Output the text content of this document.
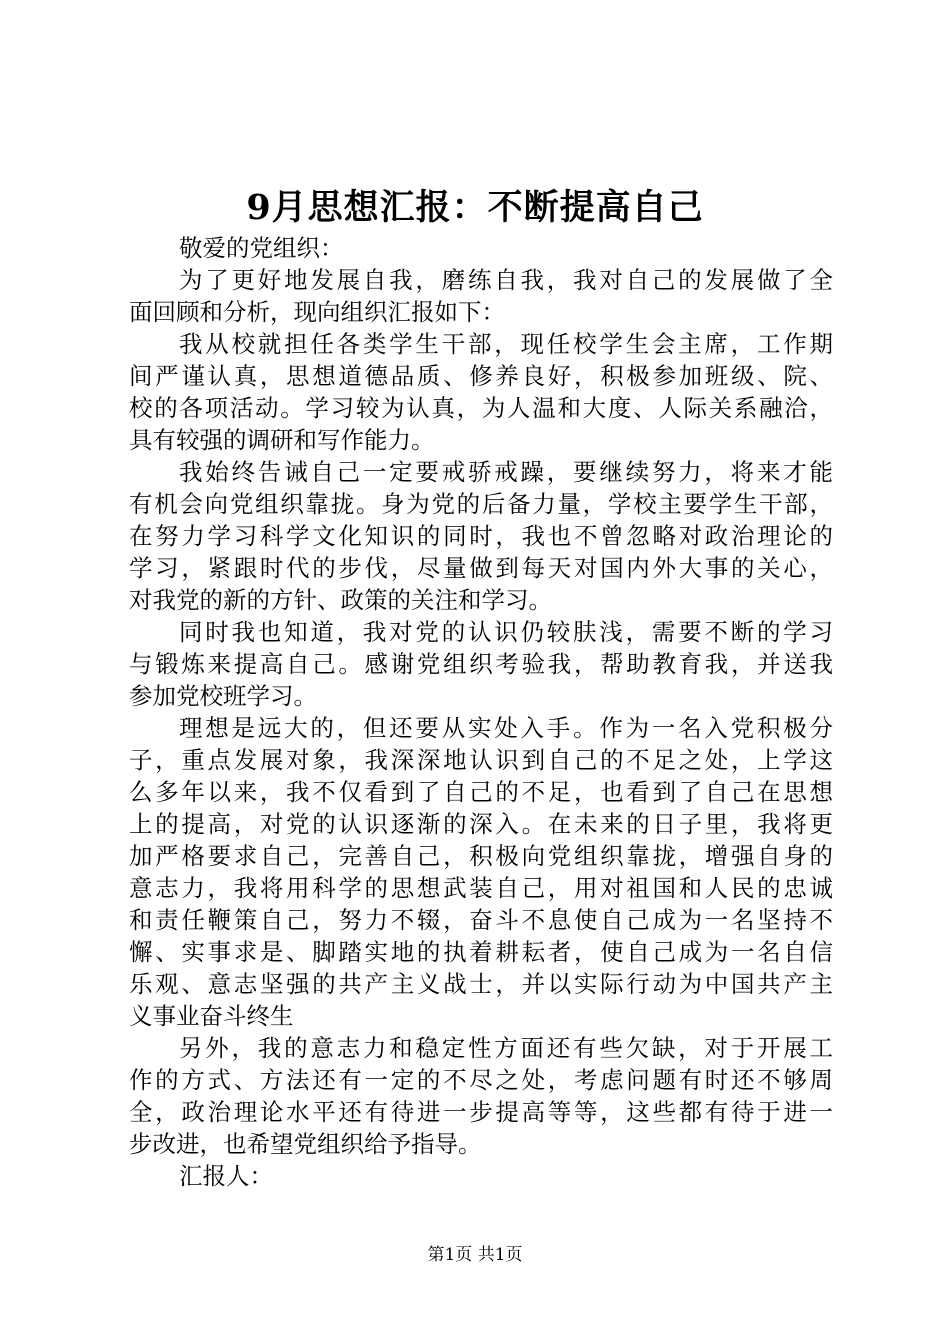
9月思想汇报：不断提高自己
敬爱的党组织：
为了更好地发展自我，磨练自我，我对自己的发展做了全
面回顾和分析，现向组织汇报如下：
我从校就担任各类学生干部，现任校学生会主席，工作期
间严谨认真，思想道德品质、修养良好，积极参加班级、院、
校的各项活动。学习较为认真，为人温和大度、人际关系融洽，
具有较强的调研和写作能力。
我始终告诫自己一定要戒骄戒躁，要继续努力，将来才能
有机会向党组织靠拢。身为党的后备力量，学校主要学生干部，
在努力学习科学文化知识的同时，我也不曾忽略对政治理论的
学习，紧跟时代的步伐，尽量做到每天对国内外大事的关心，
对我党的新的方针、政策的关注和学习。
同时我也知道，我对党的认识仍较肤浅，需要不断的学习
与锻炼来提高自己。感谢党组织考验我，帮助教育我，并送我
参加党校班学习。
理想是远大的，但还要从实处入手。作为一名入党积极分
子，重点发展对象，我深深地认识到自己的不足之处，上学这
么多年以来，我不仅看到了自己的不足，也看到了自己在思想
上的提高，对党的认识逐渐的深入。在未来的日子里，我将更
加严格要求自己，完善自己，积极向党组织靠拢，增强自身的
意志力，我将用科学的思想武装自己，用对祖国和人民的忠诚
和责任鞭策自己，努力不辍，奋斗不息使自己成为一名坚持不
懈、实事求是、脚踏实地的执着耕耘者，使自己成为一名自信
乐观、意志坚强的共产主义战士，并以实际行动为中国共产主
义事业奋斗终生
另外，我的意志力和稳定性方面还有些欠缺，对于开展工
作的方式、方法还有一定的不尽之处，考虑问题有时还不够周
全，政治理论水平还有待进一步提高等等，这些都有待于进一
步改进，也希望党组织给予指导。
汇报人：
第1页 共1页
